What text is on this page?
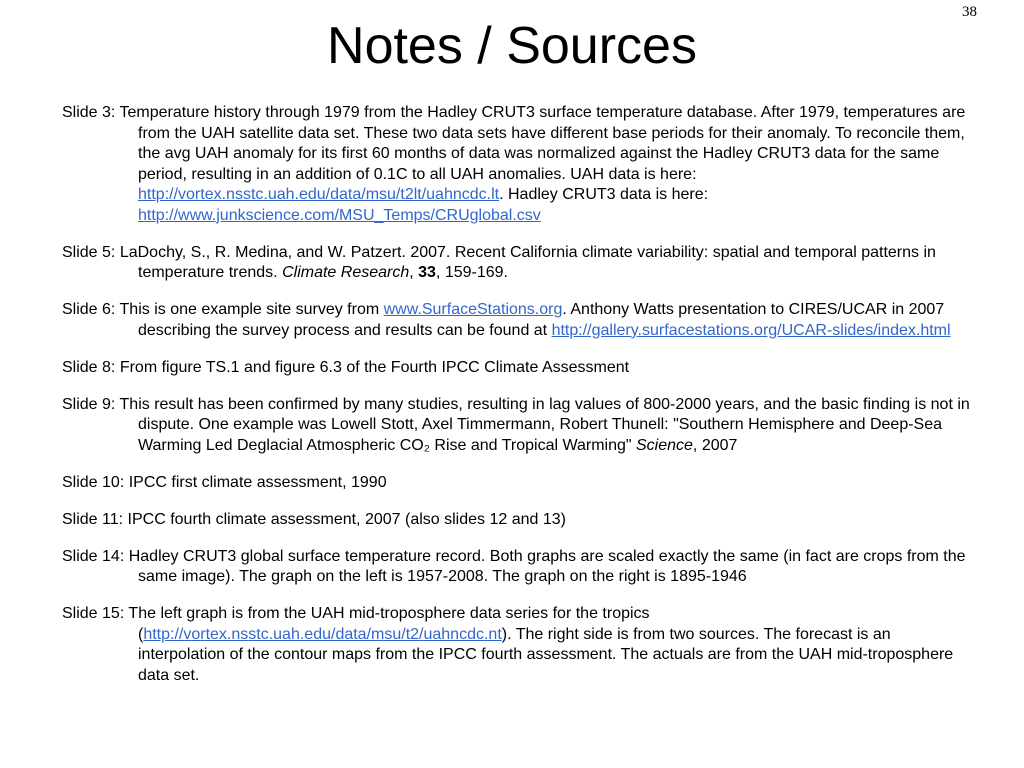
38
Notes / Sources
Slide 3: Temperature history through 1979 from the Hadley CRUT3 surface temperature database. After 1979, temperatures are from the UAH satellite data set. These two data sets have different base periods for their anomaly. To reconcile them, the avg UAH anomaly for its first 60 months of data was normalized against the Hadley CRUT3 data for the same period, resulting in an addition of 0.1C to all UAH anomalies. UAH data is here: http://vortex.nsstc.uah.edu/data/msu/t2lt/uahncdc.lt. Hadley CRUT3 data is here: http://www.junkscience.com/MSU_Temps/CRUglobal.csv
Slide 5: LaDochy, S., R. Medina, and W. Patzert. 2007. Recent California climate variability: spatial and temporal patterns in temperature trends. Climate Research, 33, 159-169.
Slide 6: This is one example site survey from www.SurfaceStations.org. Anthony Watts presentation to CIRES/UCAR in 2007 describing the survey process and results can be found at http://gallery.surfacestations.org/UCAR-slides/index.html
Slide 8: From figure TS.1 and figure 6.3 of the Fourth IPCC Climate Assessment
Slide 9: This result has been confirmed by many studies, resulting in lag values of 800-2000 years, and the basic finding is not in dispute. One example was Lowell Stott, Axel Timmermann, Robert Thunell: "Southern Hemisphere and Deep-Sea Warming Led Deglacial Atmospheric CO₂ Rise and Tropical Warming" Science, 2007
Slide 10: IPCC first climate assessment, 1990
Slide 11: IPCC fourth climate assessment, 2007 (also slides 12 and 13)
Slide 14: Hadley CRUT3 global surface temperature record. Both graphs are scaled exactly the same (in fact are crops from the same image). The graph on the left is 1957-2008. The graph on the right is 1895-1946
Slide 15: The left graph is from the UAH mid-troposphere data series for the tropics (http://vortex.nsstc.uah.edu/data/msu/t2/uahncdc.nt). The right side is from two sources. The forecast is an interpolation of the contour maps from the IPCC fourth assessment. The actuals are from the UAH mid-troposphere data set.
